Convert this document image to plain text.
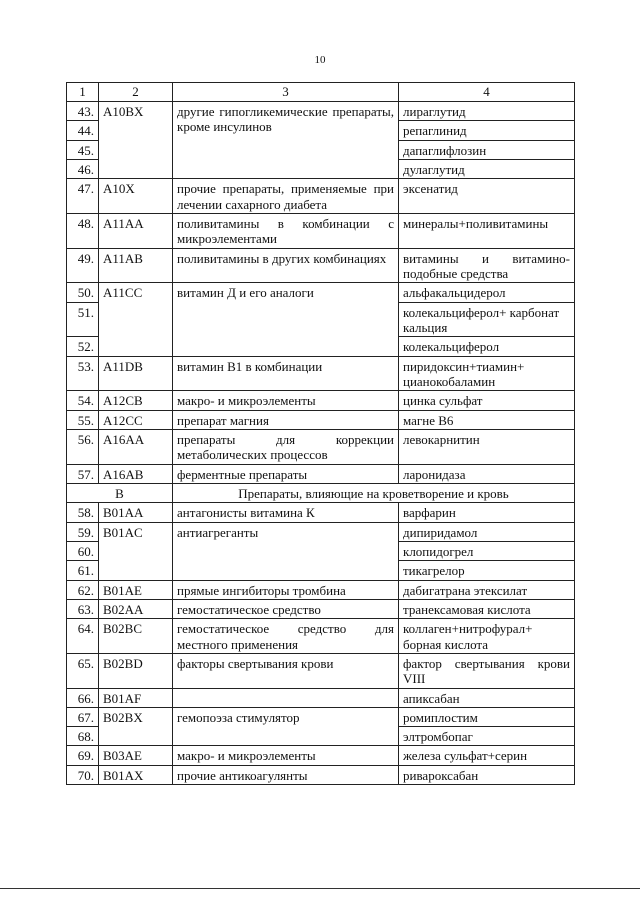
10
1	2	3	4
43.	A10BX	другие гипогликемические препараты, кроме инсулинов	лираглутид
44.			репаглинид
45.			дапаглифлозин
46.			дулаглутид
47.	A10X	прочие препараты, применяемые при лечении сахарного диабета	эксенатид
48.	A11AA	поливитамины в комбинации с микроэлементами	минералы+поливитамины
49.	A11AB	поливитамины в других комбинациях	витамины и витамино-подобные средства
50.	A11CC	витамин Д и его аналоги	альфакальцидерол
51.			колекальциферол+ карбонат кальция
52.			колекальциферол
53.	A11DB	витамин В1 в комбинации	пиридоксин+тиамин+ цианокобаламин
54.	A12CB	макро- и микроэлементы	цинка сульфат
55.	A12CC	препарат магния	магне В6
56.	A16AA	препараты для коррекции метаболических процессов	левокарнитин
57.	A16AB	ферментные препараты	ларонидаза
B		Препараты, влияющие на кроветворение и кровь	
58.	B01AA	антагонисты витамина К	варфарин
59.	B01AC	антиагреганты	дипиридамол
60.			клопидогрел
61.			тикагрелор
62.	B01AE	прямые ингибиторы тромбина	дабигатрана этексилат
63.	B02AA	гемостатическое средство	транексамовая кислота
64.	B02BC	гемостатическое средство для местного применения	коллаген+нитрофурал+ борная кислота
65.	B02BD	факторы свертывания крови	фактор свертывания крови VIII
66.	B01AF		апиксабан
67.	B02BX	гемопоэза стимулятор	ромиплостим
68.			элтромбопаг
69.	B03AE	макро- и микроэлементы	железа сульфат+серин
70.	B01AX	прочие антикоагулянты	ривароксабан
